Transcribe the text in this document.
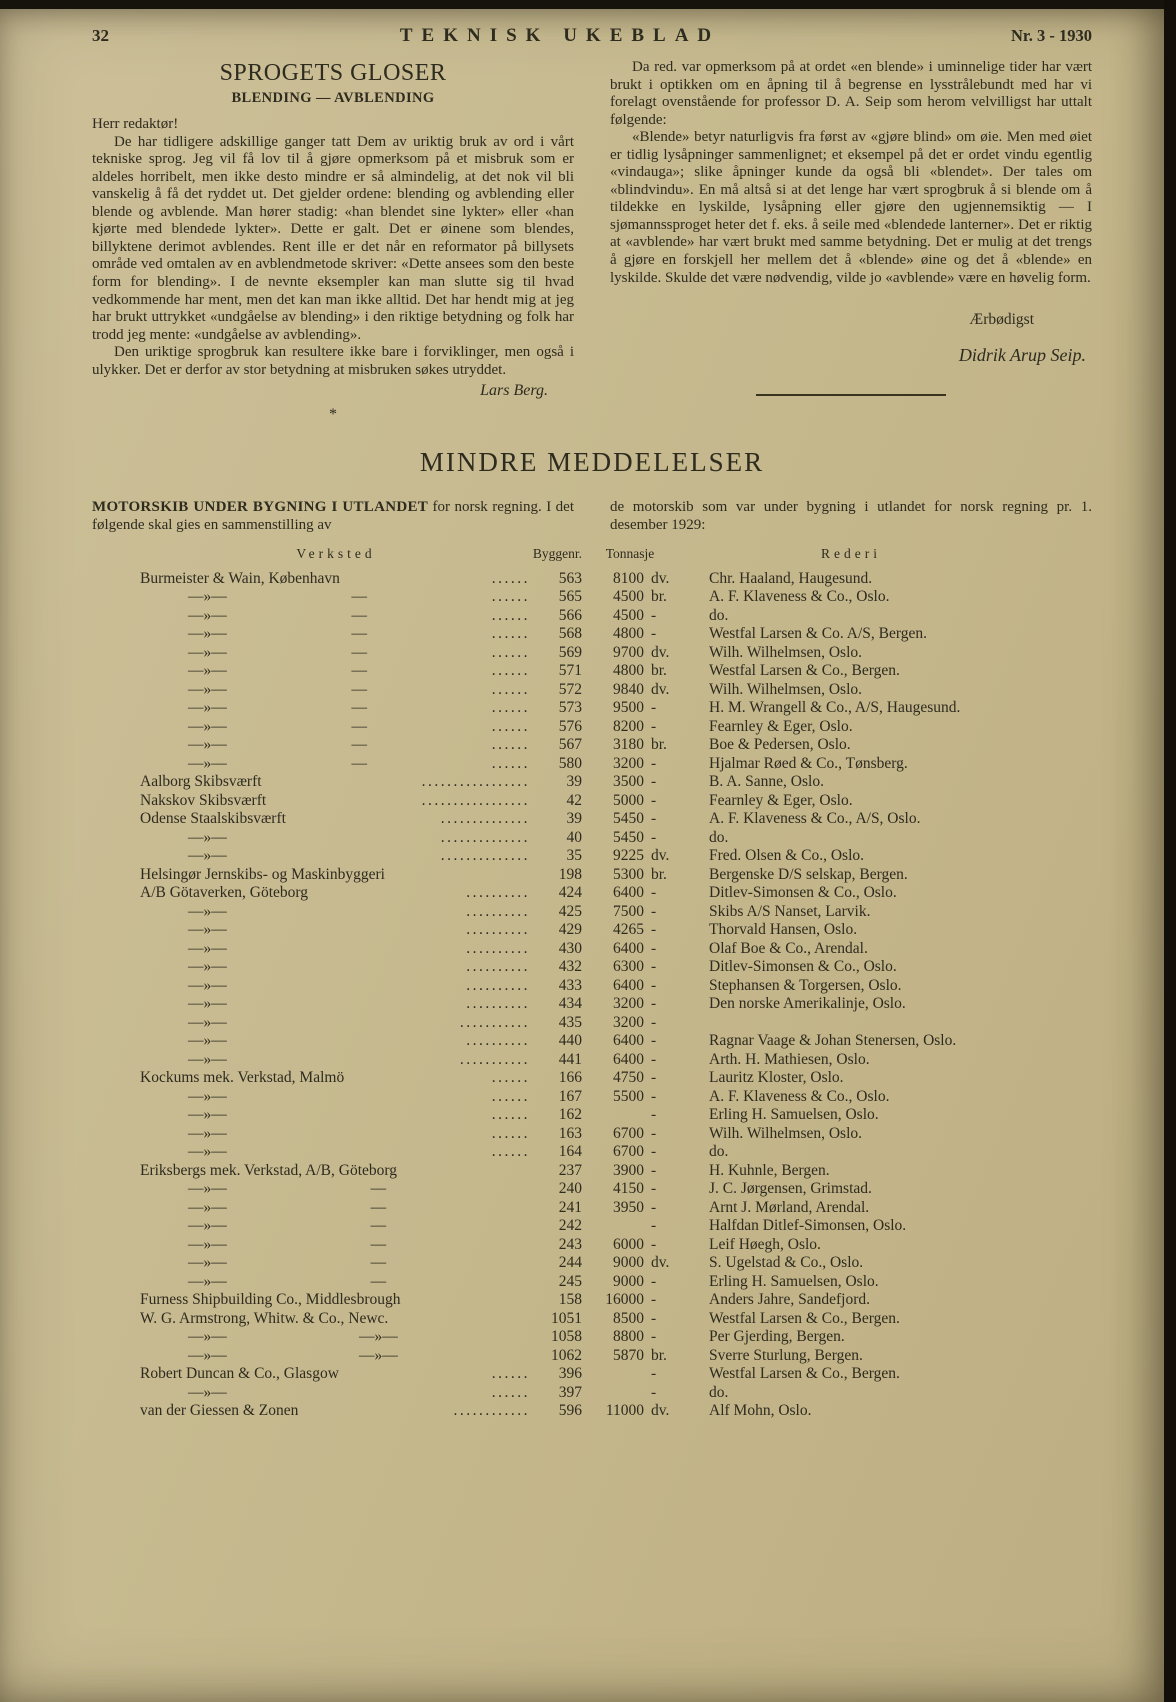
32	TEKNISK UKEBLAD	Nr. 3 - 1930
SPROGETS GLOSER
BLENDING — AVBLENDING

Herr redaktør!

De har tidligere adskillige ganger tatt Dem av uriktig bruk av ord i vårt tekniske sprog. Jeg vil få lov til å gjøre opmerksom på et misbruk som er aldeles horribelt, men ikke desto mindre er så almindelig, at det nok vil bli vanskelig å få det ryddet ut. Det gjelder ordene: blending og avblending eller blende og avblende. Man hører stadig: «han blendet sine lykter» eller «han kjørte med blendede lykter». Dette er galt. Det er øinene som blendes, billyktene derimot avblendes. Rent ille er det når en reformator på billysets område ved omtalen av en avblendmetode skriver: «Dette ansees som den beste form for blending». I de nevnte eksempler kan man slutte sig til hvad vedkommende har ment, men det kan man ikke alltid. Det har hendt mig at jeg har brukt uttrykket «undgåelse av blending» i den riktige betydning og folk har trodd jeg mente: «undgåelse av avblending».

Den uriktige sprogbruk kan resultere ikke bare i forviklinger, men også i ulykker. Det er derfor av stor betydning at misbruken søkes utryddet.

Lars Berg.
*

Da red. var opmerksom på at ordet «en blende» i uminnelige tider har vært brukt i optikken om en åpning til å begrense en lysstrålebundt med har vi forelagt ovenstående for professor D. A. Seip som herom velvilligst har uttalt følgende:

«Blende» betyr naturligvis fra først av «gjøre blind» om øie. Men med øiet er tidlig lysåpninger sammenlignet; et eksempel på det er ordet vindu egentlig «vindauga»; slike åpninger kunde da også bli «blendet». Der tales om «blindvindu». En må altså si at det lenge har vært sprogbruk å si blende om å tildekke en lyskilde, lysåpning eller gjøre den ugjennemsiktig — I sjømannssproget heter det f. eks. å seile med «blendede lanterner». Det er riktig at «avblende» har vært brukt med samme betydning. Det er mulig at det trengs å gjøre en forskjell her mellem det å «blende» øine og det å «blende» en lyskilde. Skulde det være nødvendig, vilde jo «avblende» være en høvelig form.

Ærbødigst
Didrik Arup Seip.
MINDRE MEDDELELSER
MOTORSKIB UNDER BYGNING I UTLANDET for norsk regning. I det følgende skal gies en sammenstilling av
de motorskib som var under bygning i utlandet for norsk regning pr. 1. desember 1929:
Verksted	Byggenr.	Tonnasje	Rederi
Burmeister & Wain, København	......	563	8100 dv.	Chr. Haaland, Haugesund.
—»—	—	......	565	4500 br.	A. F. Klaveness & Co., Oslo.
—»—	—	......	566	4500 -	do.
—»—	—	......	568	4800 -	Westfal Larsen & Co. A/S, Bergen.
—»—	—	......	569	9700 dv.	Wilh. Wilhelmsen, Oslo.
—»—	—	......	571	4800 br.	Westfal Larsen & Co., Bergen.
—»—	—	......	572	9840 dv.	Wilh. Wilhelmsen, Oslo.
—»—	—	......	573	9500 -	H. M. Wrangell & Co., A/S, Haugesund.
—»—	—	......	576	8200 -	Fearnley & Eger, Oslo.
—»—	—	......	567	3180 br.	Boe & Pedersen, Oslo.
—»—	—	......	580	3200 -	Hjalmar Røed & Co., Tønsberg.
Aalborg Skibsværft	.................	39	3500 -	B. A. Sanne, Oslo.
Nakskov Skibsværft	.................	42	5000 -	Fearnley & Eger, Oslo.
Odense Staalskibsværft	..............	39	5450 -	A. F. Klaveness & Co., A/S, Oslo.
—»—	..............	40	5450 -	do.
—»—	..............	35	9225 dv.	Fred. Olsen & Co., Oslo.
Helsingør Jernskibs- og Maskinbyggeri	198	5300 br.	Bergenske D/S selskap, Bergen.
A/B Götaverken, Göteborg	..........	424	6400 -	Ditlev-Simonsen & Co., Oslo.
—»—	..........	425	7500 -	Skibs A/S Nanset, Larvik.
—»—	..........	429	4265 -	Thorvald Hansen, Oslo.
—»—	..........	430	6400 -	Olaf Boe & Co., Arendal.
—»—	..........	432	6300 -	Ditlev-Simonsen & Co., Oslo.
—»—	..........	433	6400 -	Stephansen & Torgersen, Oslo.
—»—	..........	434	3200 -	Den norske Amerikalinje, Oslo.
—»—	...........	435	3200 -
—»—	..........	440	6400 -	Ragnar Vaage & Johan Stenersen, Oslo.
—»—	...........	441	6400 -	Arth. H. Mathiesen, Oslo.
Kockums mek. Verkstad, Malmö	......	166	4750 -	Lauritz Kloster, Oslo.
—»—	......	167	5500 -	A. F. Klaveness & Co., Oslo.
—»—	......	162	-	Erling H. Samuelsen, Oslo.
—»—	......	163	6700 -	Wilh. Wilhelmsen, Oslo.
—»—	......	164	6700 -	do.
Eriksbergs mek. Verkstad, A/B, Göteborg	237	3900 -	H. Kuhnle, Bergen.
—»—	—	240	4150 -	J. C. Jørgensen, Grimstad.
—»—	—	241	3950 -	Arnt J. Mørland, Arendal.
—»—	—	242	-	Halfdan Ditlef-Simonsen, Oslo.
—»—	—	243	6000 -	Leif Høegh, Oslo.
—»—	—	244	9000 dv.	S. Ugelstad & Co., Oslo.
—»—	—	245	9000 -	Erling H. Samuelsen, Oslo.
Furness Shipbuilding Co., Middlesbrough	158	16000 -	Anders Jahre, Sandefjord.
W. G. Armstrong, Whitw. & Co., Newc.	1051	8500 -	Westfal Larsen & Co., Bergen.
—»—	—»—	1058	8800 -	Per Gjerding, Bergen.
—»—	—»—	1062	5870 br.	Sverre Sturlung, Bergen.
Robert Duncan & Co., Glasgow	......	396	-	Westfal Larsen & Co., Bergen.
—»—	......	397	-	do.
van der Giessen & Zonen	............	596	11000 dv.	Alf Mohn, Oslo.
